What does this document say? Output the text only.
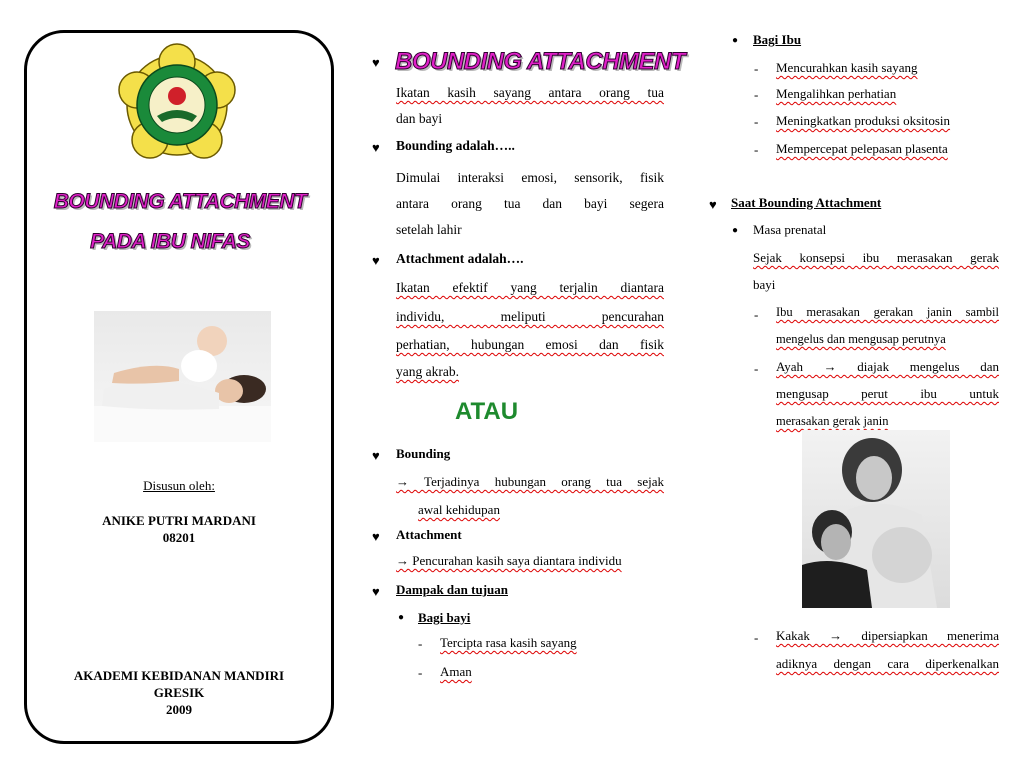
BOUNDING ATTACHMENT
PADA IBU NIFAS
Disusun oleh:
ANIKE PUTRI MARDANI
08201
AKADEMI KEBIDANAN MANDIRI
GRESIK
2009
♥ BOUNDING ATTACHMENT
Ikatan kasih sayang antara orang tua
dan bayi
♥ Bounding adalah…..
Dimulai interaksi emosi, sensorik, fisik
antara orang tua dan bayi segera
setelah lahir
♥ Attachment adalah….
Ikatan efektif yang terjalin diantara
individu, meliputi pencurahan
perhatian, hubungan emosi dan fisik
yang akrab.
ATAU
♥ Bounding
→ Terjadinya hubungan orang tua sejak
awal kehidupan
♥ Attachment
→ Pencurahan kasih saya diantara individu
♥ Dampak dan tujuan
● Bagi bayi
- Tercipta rasa kasih sayang
- Aman
● Bagi Ibu
- Mencurahkan kasih sayang
- Mengalihkan perhatian
- Meningkatkan produksi oksitosin
- Mempercepat pelepasan plasenta
♥ Saat Bounding Attachment
● Masa prenatal
Sejak konsepsi ibu merasakan gerak
bayi
- Ibu merasakan gerakan janin sambil
mengelus dan mengusap perutnya
- Ayah → diajak mengelus dan
mengusap perut ibu untuk
merasakan gerak janin
- Kakak → dipersiapkan menerima
adiknya dengan cara diperkenalkan
